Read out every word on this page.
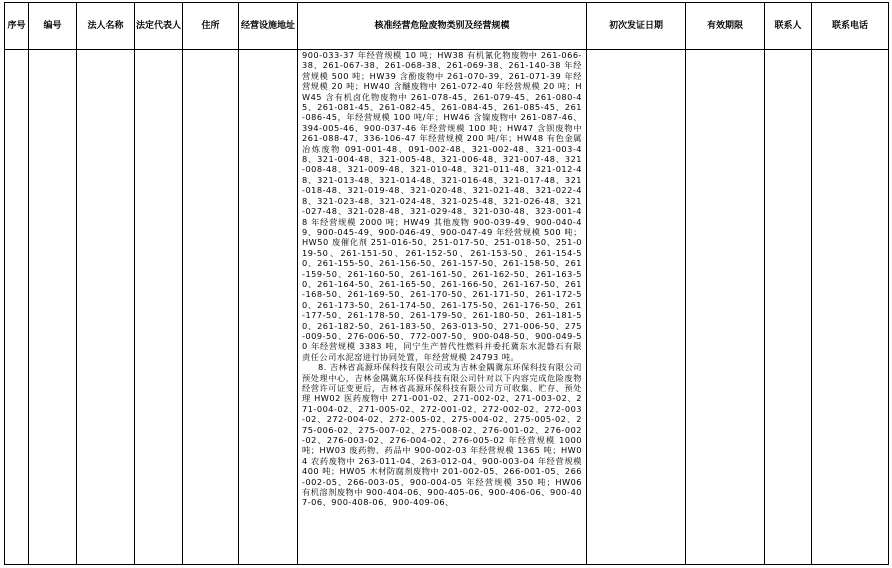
序号	编号	法人名称	法定代表人	住所	经营设施地址	核准经营危险废物类别及经营规模	初次发证日期	有效期限	联系人	联系电话

						900-033-37 年经营规模 10 吨；HW38 有机氰化物废物中 261-066-38、261-067-38、261-068-38、261-069-38、261-140-38 年经营规模 500 吨；HW39 含酚废物中 261-070-39、261-071-39 年经营规模 20 吨；HW40 含醚废物中 261-072-40 年经营规模 20 吨；HW45 含有机卤化物废物中 261-078-45、261-079-45、261-080-45、261-081-45、261-082-45、261-084-45、261-085-45、261-086-45，年经营规模 100 吨/年；HW46 含镍废物中 261-087-46、394-005-46、900-037-46 年经营规模 100 吨；HW47 含钡废物中 261-088-47、336-106-47 年经营规模 200 吨/年；HW48 有色金属冶炼废物 091-001-48、091-002-48、321-002-48、321-003-48、321-004-48、321-005-48、321-006-48、321-007-48、321-008-48、321-009-48、321-010-48、321-011-48、321-012-48、321-013-48、321-014-48、321-016-48、321-017-48、321-018-48、321-019-48、321-020-48、321-021-48、321-022-48、321-023-48、321-024-48、321-025-48、321-026-48、321-027-48、321-028-48、321-029-48、321-030-48、323-001-48 年经营规模 2000 吨；HW49 其他废物 900-039-49、900-040-49、900-045-49、900-046-49、900-047-49 年经营规模 500 吨；HW50 废催化剂 251-016-50、251-017-50、251-018-50、251-019-50、261-151-50、261-152-50、261-153-50、261-154-50、261-155-50、261-156-50、261-157-50、261-158-50、261-159-50、261-160-50、261-161-50、261-162-50、261-163-50、261-164-50、261-165-50、261-166-50、261-167-50、261-168-50、261-169-50、261-170-50、261-171-50、261-172-50、261-173-50、261-174-50、261-175-50、261-176-50、261-177-50、261-178-50、261-179-50、261-180-50、261-181-50、261-182-50、261-183-50、263-013-50、271-006-50、275-009-50、276-006-50、772-007-50、900-048-50、900-049-50 年经营规模 3383 吨，同宁生产替代性燃料并委托冀东水泥磐石有限责任公司水泥窑进行协同处置，年经营规模 24793 吨。

8. 吉林省高源环保科技有限公司或为吉林金隅冀东环保科技有限公司预处理中心，吉林金隅冀东环保科技有限公司针对以下内容完成危险废物经营许可证变更后，吉林省高源环保科技有限公司方可收集、贮存、预处理 HW02 医药废物中 271-001-02、271-002-02、271-003-02、271-004-02、271-005-02、272-001-02、272-002-02、272-003-02、272-004-02、272-005-02、275-004-02、275-005-02、275-006-02、275-007-02、275-008-02、276-001-02、276-002-02、276-003-02、276-004-02、276-005-02 年经营规模 1000 吨；HW03 废药物、药品中 900-002-03 年经营规模 1365 吨；HW04 农药废物中 263-011-04、263-012-04、900-003-04 年经营规模 400 吨；HW05 木材防腐剂废物中 201-002-05、266-001-05、266-002-05、266-003-05、900-004-05 年经营规模 350 吨；HW06 有机溶剂废物中 900-404-06、900-405-06、900-406-06、900-407-06、900-408-06、900-409-06、				
